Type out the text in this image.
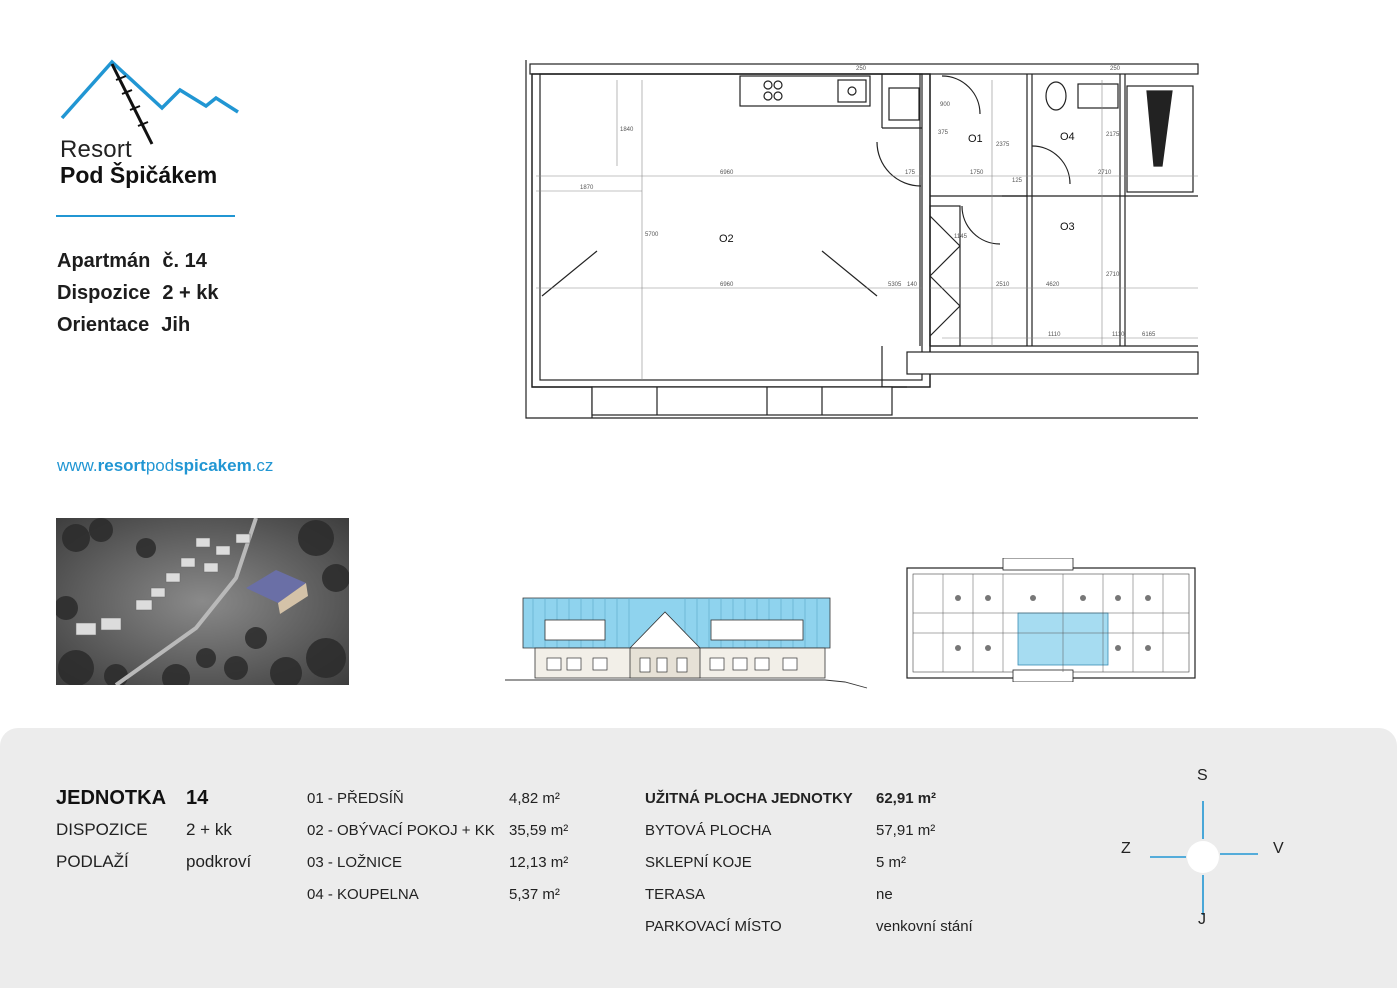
Resort
Pod Špičákem
Apartmán č. 14
Dispozice 2 + kk
Orientace Jih
www.resortpodspicakem.cz
O2
O1
O3
O4
6960
6960
1870
1840
5700
1750	2710
2375
2175
4620
2510
2710
1110	1110	6165
5305 140
1145
900
375
175
125
250	250
JEDNOTKA 14
DISPOZICE	2 + kk
PODLAŽÍ	podkroví
01 - PŘEDSÍŇ	4,82 m²
02 - OBÝVACÍ POKOJ + KK 35,59 m²
03 - LOŽNICE	12,13 m²
04 - KOUPELNA	5,37 m²
UŽITNÁ PLOCHA JEDNOTKY	62,91 m²
BYTOVÁ PLOCHA	57,91 m²
SKLEPNÍ KOJE	5 m²
TERASA	ne
PARKOVACÍ MÍSTO	venkovní stání
S
J
Z	V
